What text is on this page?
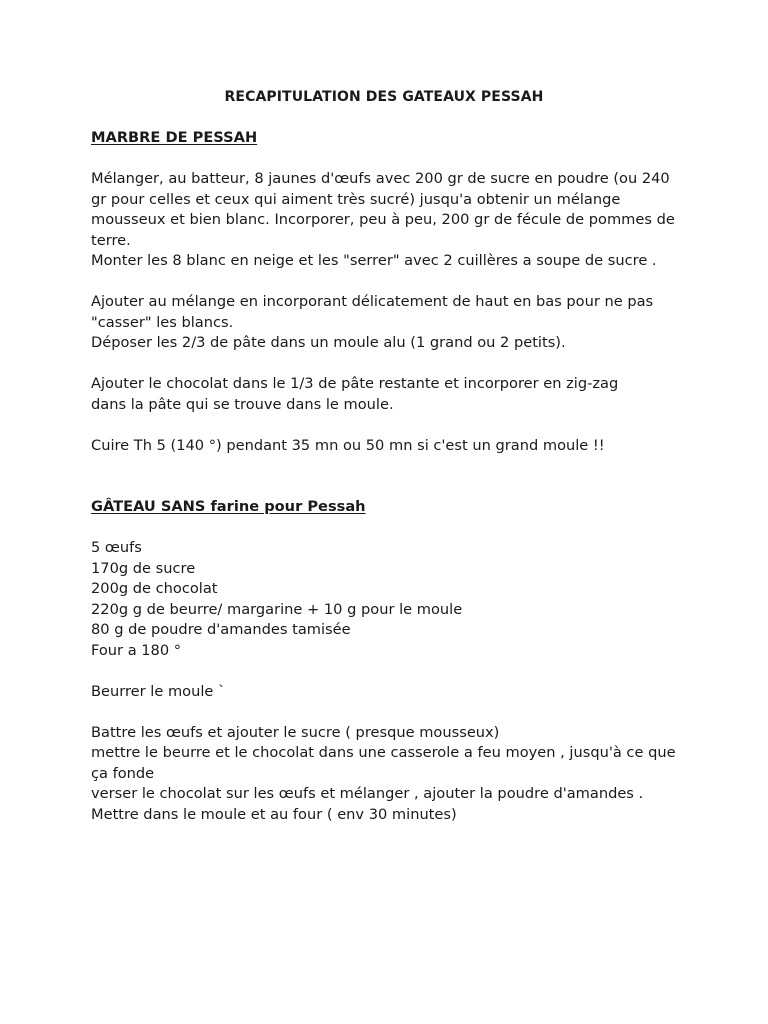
RECAPITULATION DES GATEAUX PESSAH

MARBRE DE PESSAH

Mélanger, au batteur, 8 jaunes d'œufs avec 200 gr de sucre en poudre (ou 240
gr pour celles et ceux qui aiment très sucré) jusqu'a obtenir un mélange
mousseux et bien blanc. Incorporer, peu à peu, 200 gr de fécule de pommes de
terre.
Monter les 8 blanc en neige et les "serrer" avec 2 cuillères a soupe de sucre .
Ajouter au mélange en incorporant délicatement de haut en bas pour ne pas
"casser" les blancs.
Déposer les 2/3 de pâte dans un moule alu (1 grand ou 2 petits).
Ajouter le chocolat dans le 1/3 de pâte restante et incorporer en zig-zag
dans la pâte qui se trouve dans le moule.
Cuire Th 5 (140 °) pendant 35 mn ou 50 mn si c'est un grand moule !!

GÂTEAU SANS farine pour Pessah

5 œufs
170g de sucre
200g de chocolat
220g g de beurre/ margarine + 10 g pour le moule
80 g de poudre d'amandes tamisée
Four a 180 °
Beurrer le moule `
Battre les œufs et ajouter le sucre ( presque mousseux)
mettre le beurre et le chocolat dans une casserole a feu moyen , jusqu'à ce que
ça fonde
verser le chocolat sur les œufs et mélanger , ajouter la poudre d'amandes .
Mettre dans le moule et au four ( env 30 minutes)
